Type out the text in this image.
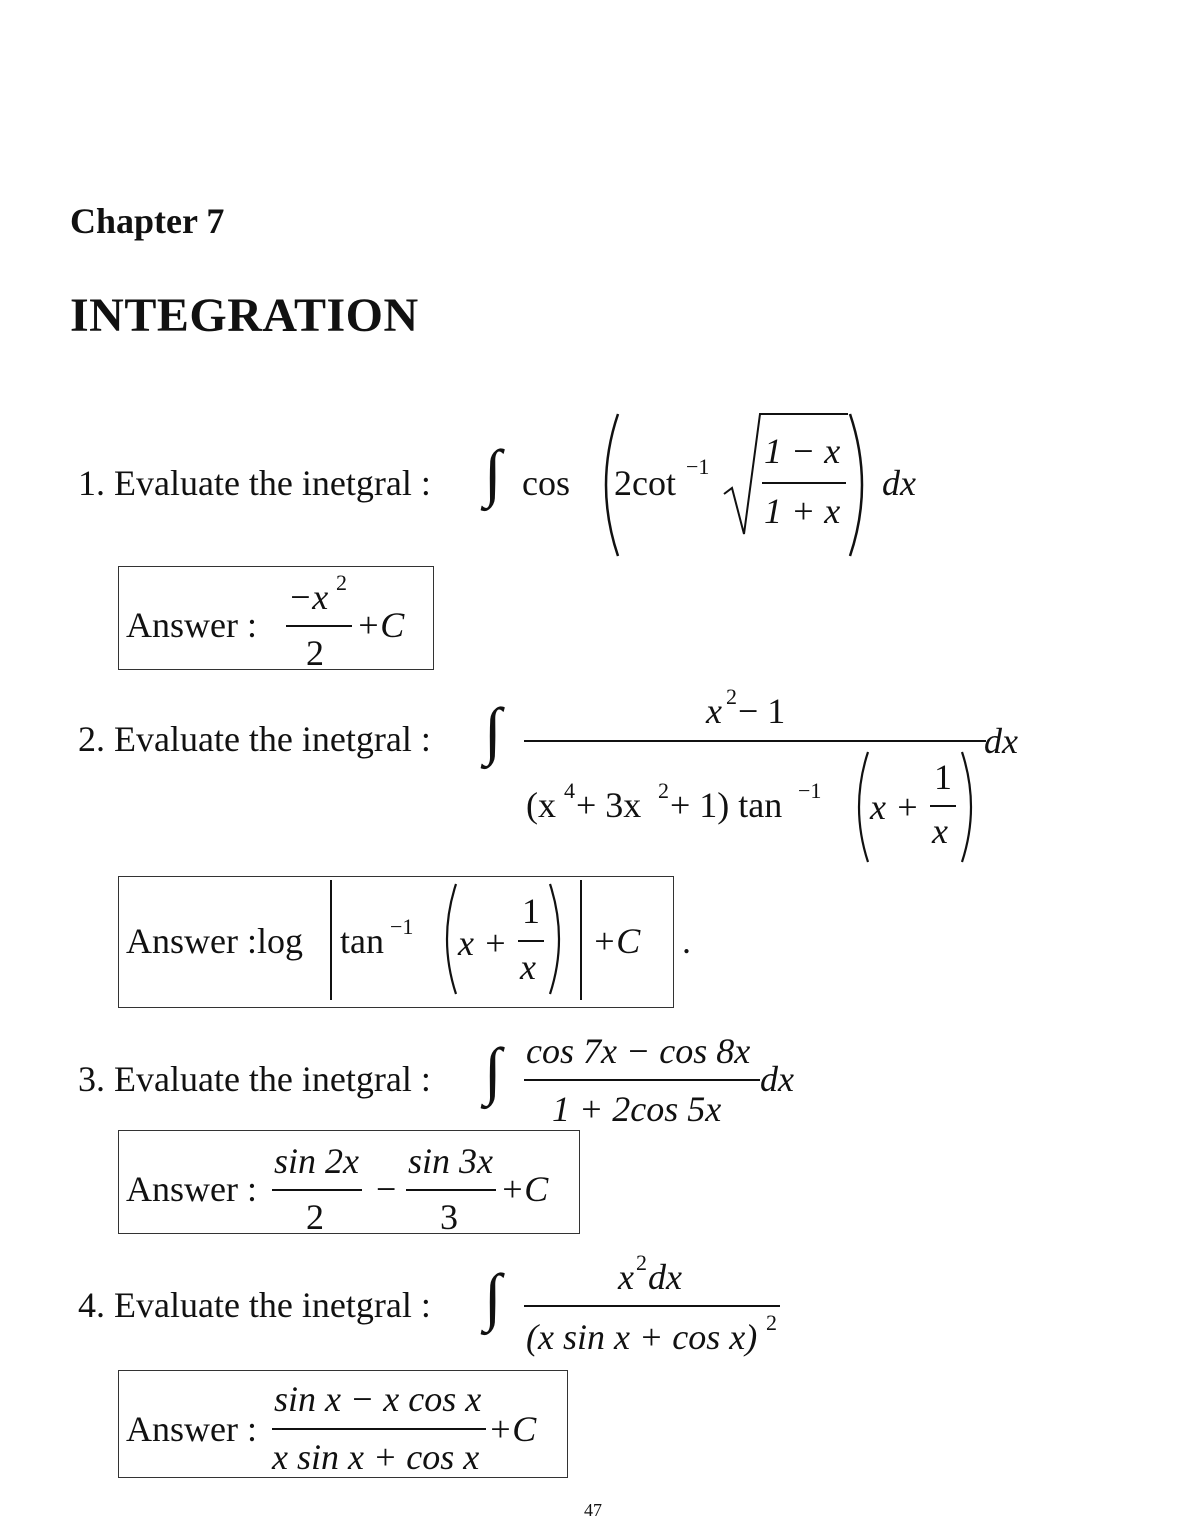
Chapter 7
INTEGRATION
1. Evaluate the inetgral : ∫ cos 2cot −1 1 − x
1 + x
dx
Answer :
−x 2
2
+C
2. Evaluate the inetgral : ∫	x 2 − 1
dx
(x 4 + 3x 2 + 1) tan −1 x +
1
x
Answer :log tan −1 x +
1
x
+C .
3. Evaluate the inetgral : ∫ cos 7x − cos 8x
1 + 2cos 5x
dx
Answer :
sin 2x
2
−
sin 3x
3
+C
4. Evaluate the inetgral : ∫	x 2 dx
(x sin x + cos x) 2
Answer :
sin x − x cos x
x sin x + cos x
+C
47
